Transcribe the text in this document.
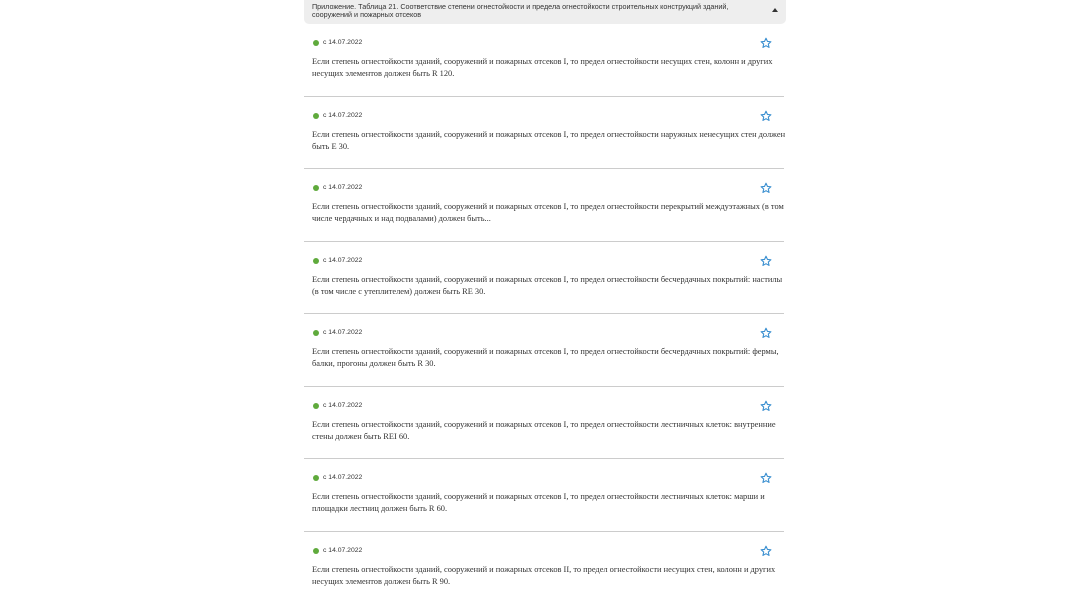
Приложение. Таблица 21. Соответствие степени огнестойкости и предела огнестойкости строительных конструкций зданий, сооружений и пожарных отсеков
с 14.07.2022

Если степень огнестойкости зданий, сооружений и пожарных отсеков I, то предел огнестойкости несущих стен, колонн и других несущих элементов должен быть R 120.

с 14.07.2022

Если степень огнестойкости зданий, сооружений и пожарных отсеков I, то предел огнестойкости наружных ненесущих стен должен быть E 30.

с 14.07.2022

Если степень огнестойкости зданий, сооружений и пожарных отсеков I, то предел огнестойкости перекрытий междуэтажных (в том числе чердачных и над подвалами) должен быть...

с 14.07.2022

Если степень огнестойкости зданий, сооружений и пожарных отсеков I, то предел огнестойкости бесчердачных покрытий: настилы (в том числе с утеплителем) должен быть RE 30.

с 14.07.2022

Если степень огнестойкости зданий, сооружений и пожарных отсеков I, то предел огнестойкости бесчердачных покрытий: фермы, балки, прогоны должен быть R 30.

с 14.07.2022

Если степень огнестойкости зданий, сооружений и пожарных отсеков I, то предел огнестойкости лестничных клеток: внутренние стены должен быть REI 60.

с 14.07.2022

Если степень огнестойкости зданий, сооружений и пожарных отсеков I, то предел огнестойкости лестничных клеток: марши и площадки лестниц должен быть R 60.

с 14.07.2022

Если степень огнестойкости зданий, сооружений и пожарных отсеков II, то предел огнестойкости несущих стен, колонн и других несущих элементов должен быть R 90.
